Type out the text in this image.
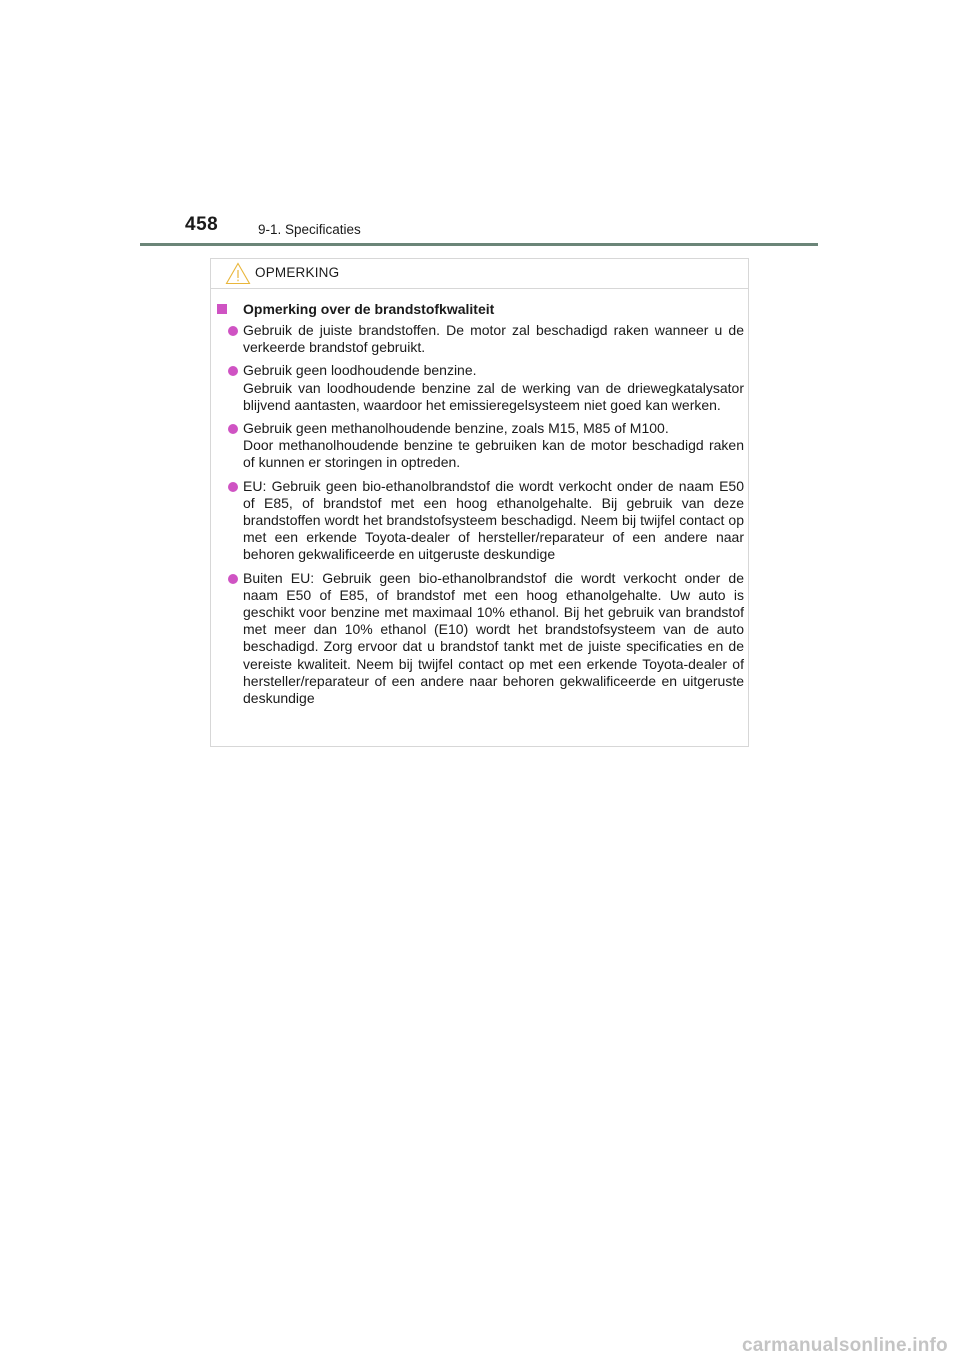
458	9-1. Specificaties
OPMERKING
Opmerking over de brandstofkwaliteit
Gebruik de juiste brandstoffen. De motor zal beschadigd raken wanneer u de verkeerde brandstof gebruikt.
Gebruik geen loodhoudende benzine.
Gebruik van loodhoudende benzine zal de werking van de driewegkatalysator blijvend aantasten, waardoor het emissieregelsysteem niet goed kan werken.
Gebruik geen methanolhoudende benzine, zoals M15, M85 of M100.
Door methanolhoudende benzine te gebruiken kan de motor beschadigd raken of kunnen er storingen in optreden.
EU: Gebruik geen bio-ethanolbrandstof die wordt verkocht onder de naam E50 of E85, of brandstof met een hoog ethanolgehalte. Bij gebruik van deze brandstoffen wordt het brandstofsysteem beschadigd. Neem bij twijfel contact op met een erkende Toyota-dealer of hersteller/reparateur of een andere naar behoren gekwalificeerde en uitgeruste deskundige
Buiten EU: Gebruik geen bio-ethanolbrandstof die wordt verkocht onder de naam E50 of E85, of brandstof met een hoog ethanolgehalte. Uw auto is geschikt voor benzine met maximaal 10% ethanol. Bij het gebruik van brandstof met meer dan 10% ethanol (E10) wordt het brandstofsysteem van de auto beschadigd. Zorg ervoor dat u brandstof tankt met de juiste specificaties en de vereiste kwaliteit. Neem bij twijfel contact op met een erkende Toyota-dealer of hersteller/reparateur of een andere naar behoren gekwalificeerde en uitgeruste deskundige
carmanualsonline.info
